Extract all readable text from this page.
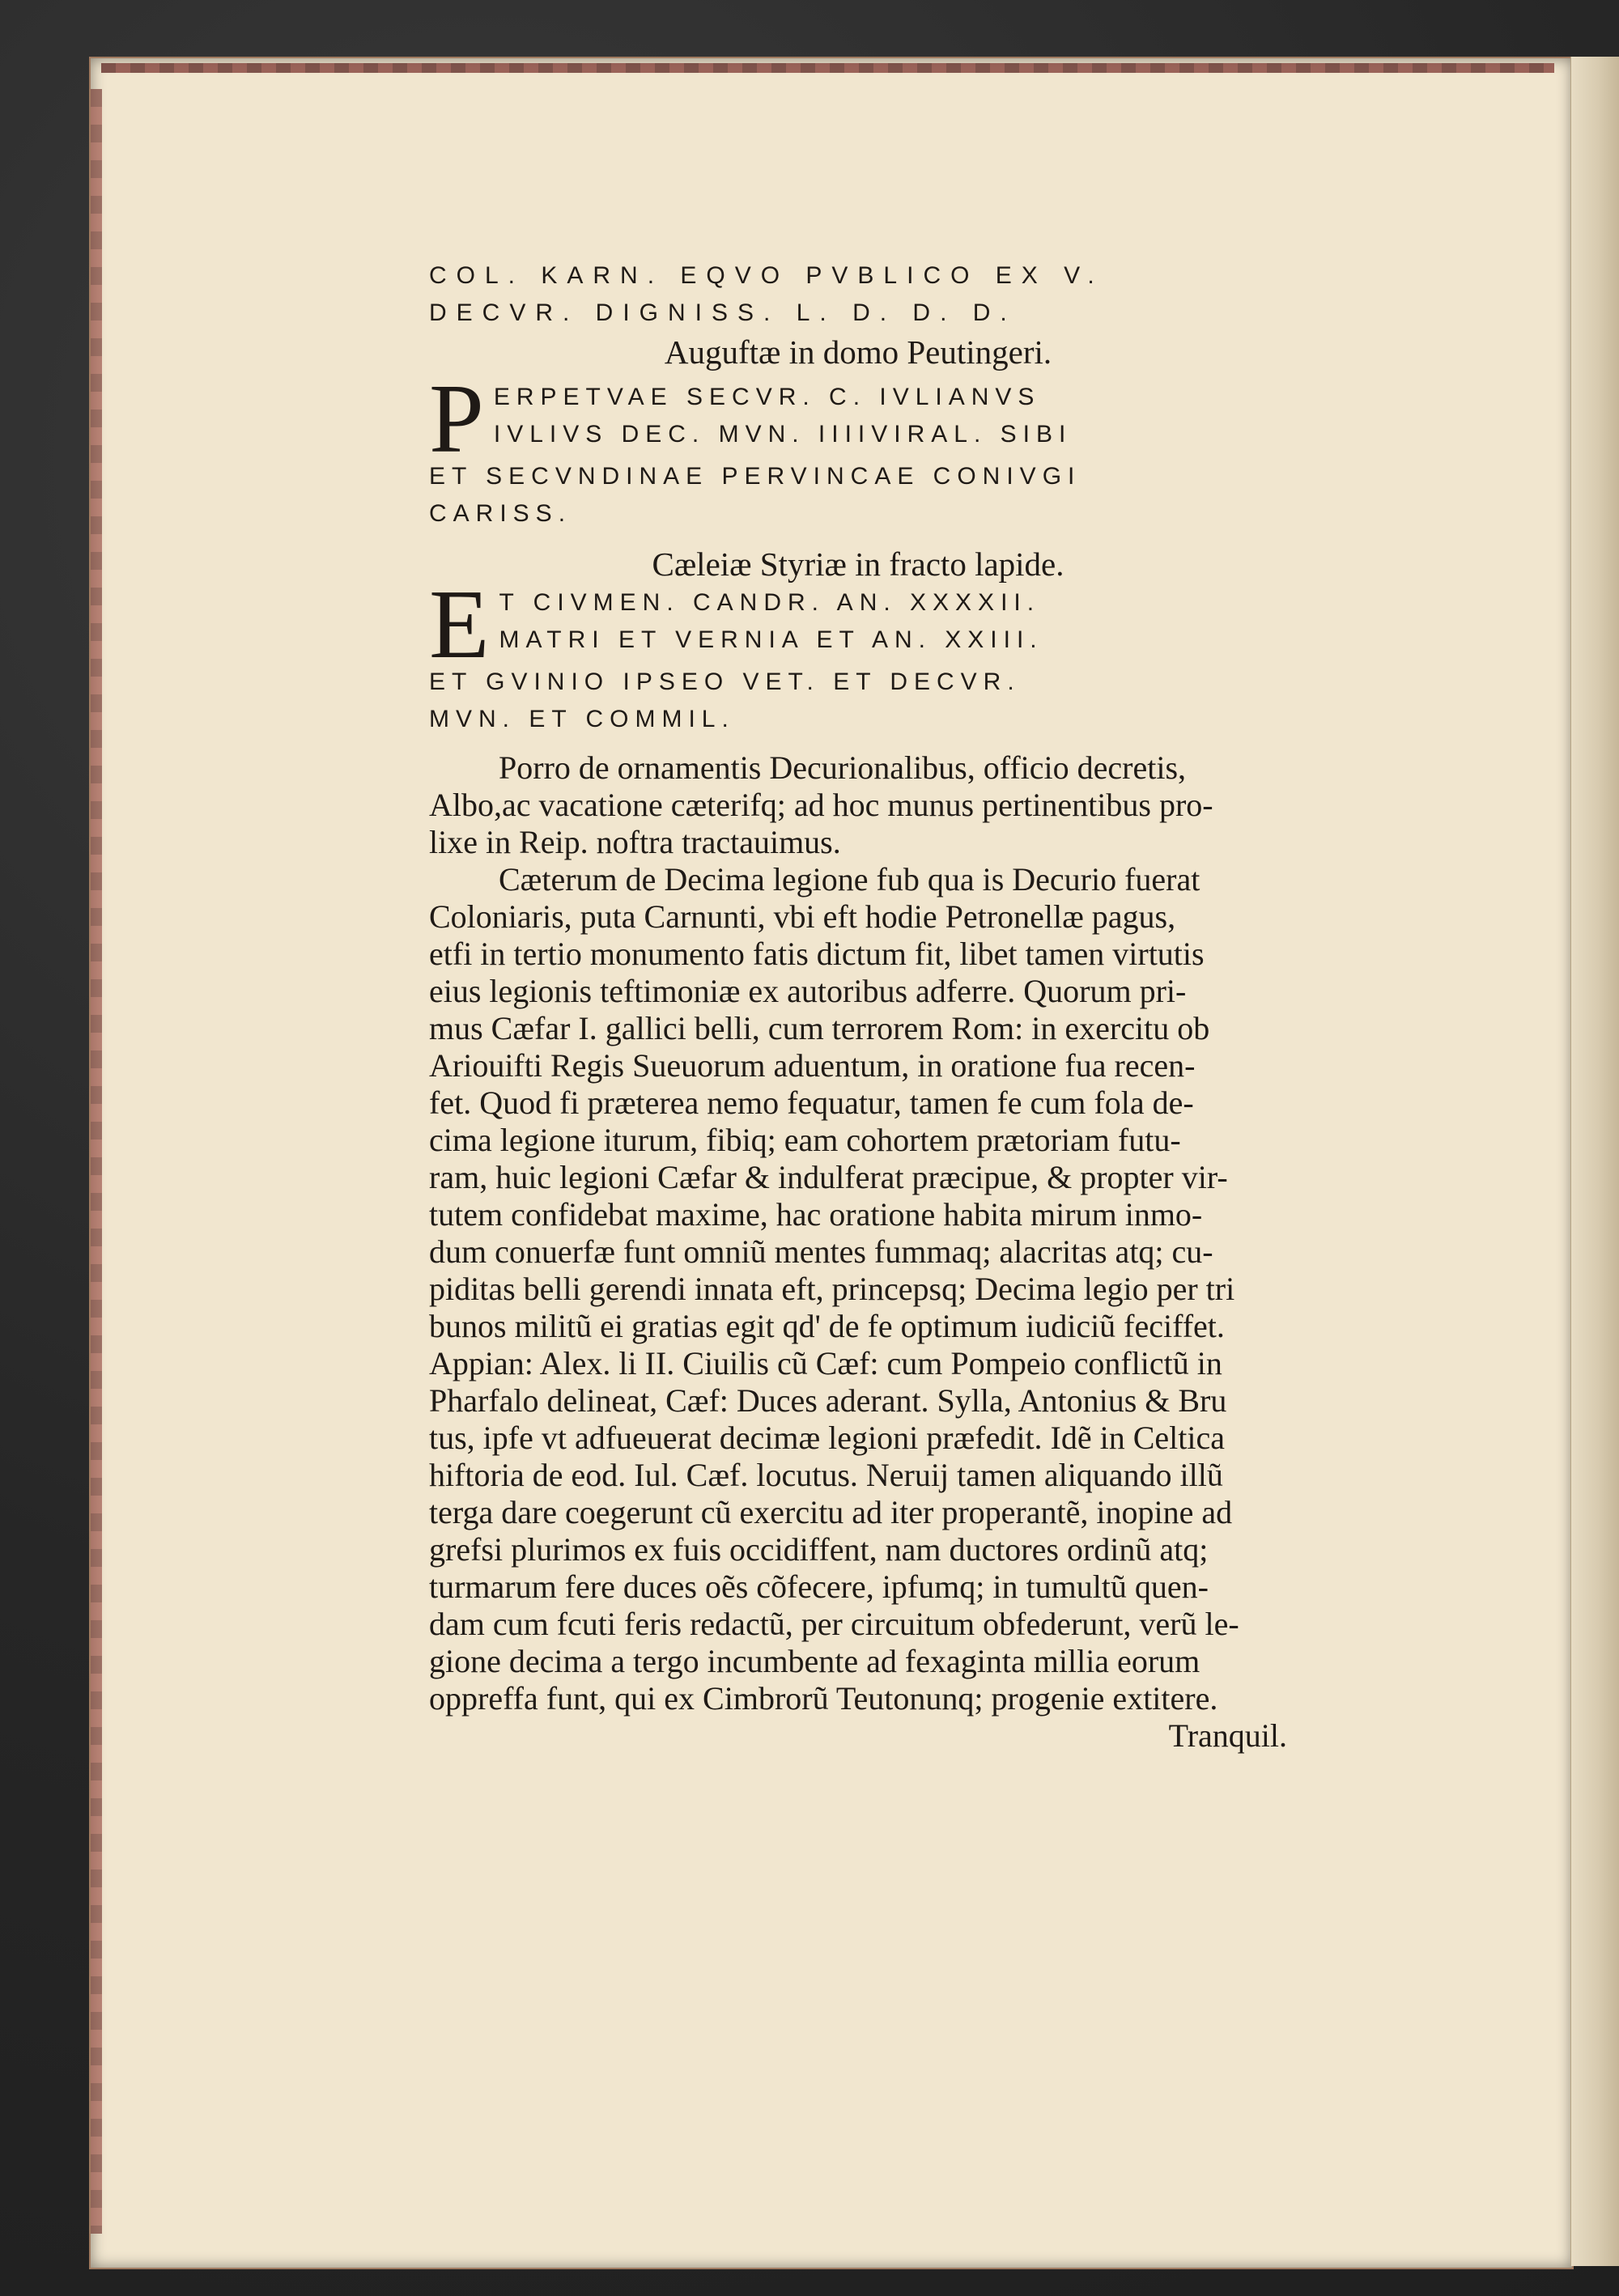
COL. KARN. EQVO PVBLICO EX V.

DECVR. DIGNISS. L. D. D. D.

Auguftæ in domo Peutingeri.

P ERPETVAE SECVR. C. IVLIANVS

IVLIVS DEC. MVN. IIIIVIRAL. SIBI

ET SECVNDINAE PERVINCAE CONIVGI

CARISS.

Cæleiæ Styriæ in fracto lapide.

E T CIVMEN. CANDR. AN. XXXXII.

MATRI ET VERNIA ET AN. XXIII.

ET GVINIO IPSEO VET. ET DECVR.

MVN. ET COMMIL.

Porro de ornamentis Decurionalibus, officio decretis,

Albo,ac vacatione cæterifq; ad hoc munus pertinentibus pro-

lixe in Reip. noftra tractauimus.

Cæterum de Decima legione fub qua is Decurio fuerat

Coloniaris, puta Carnunti, vbi eft hodie Petronellæ pagus,

etfi in tertio monumento fatis dictum fit, libet tamen virtutis

eius legionis teftimoniæ ex autoribus adferre. Quorum pri-

mus Cæfar I. gallici belli, cum terrorem Rom: in exercitu ob

Ariouifti Regis Sueuorum aduentum, in oratione fua recen-

fet. Quod fi præterea nemo fequatur, tamen fe cum fola de-

cima legione iturum, fibiq; eam cohortem prætoriam futu-

ram, huic legioni Cæfar & indulferat præcipue, & propter vir-

tutem confidebat maxime, hac oratione habita mirum inmo-

dum conuerfæ funt omniũ mentes fummaq; alacritas atq; cu-

piditas belli gerendi innata eft, princepsq; Decima legio per tri

bunos militũ ei gratias egit qd' de fe optimum iudiciũ feciffet.

Appian: Alex. li II. Ciuilis cũ Cæf: cum Pompeio conflictũ in

Pharfalo delineat, Cæf: Duces aderant. Sylla, Antonius & Bru

tus, ipfe vt adfueuerat decimæ legioni præfedit. Idẽ in Celtica

hiftoria de eod. Iul. Cæf. locutus. Neruij tamen aliquando illũ

terga dare coegerunt cũ exercitu ad iter properantẽ, inopine ad

grefsi plurimos ex fuis occidiffent, nam ductores ordinũ atq;

turmarum fere duces oẽs cõfecere, ipfumq; in tumultũ quen-

dam cum fcuti feris redactũ, per circuitum obfederunt, verũ le-

gione decima a tergo incumbente ad fexaginta millia eorum

oppreffa funt, qui ex Cimbrorũ Teutonunq; progenie extitere.

Tranquil.
